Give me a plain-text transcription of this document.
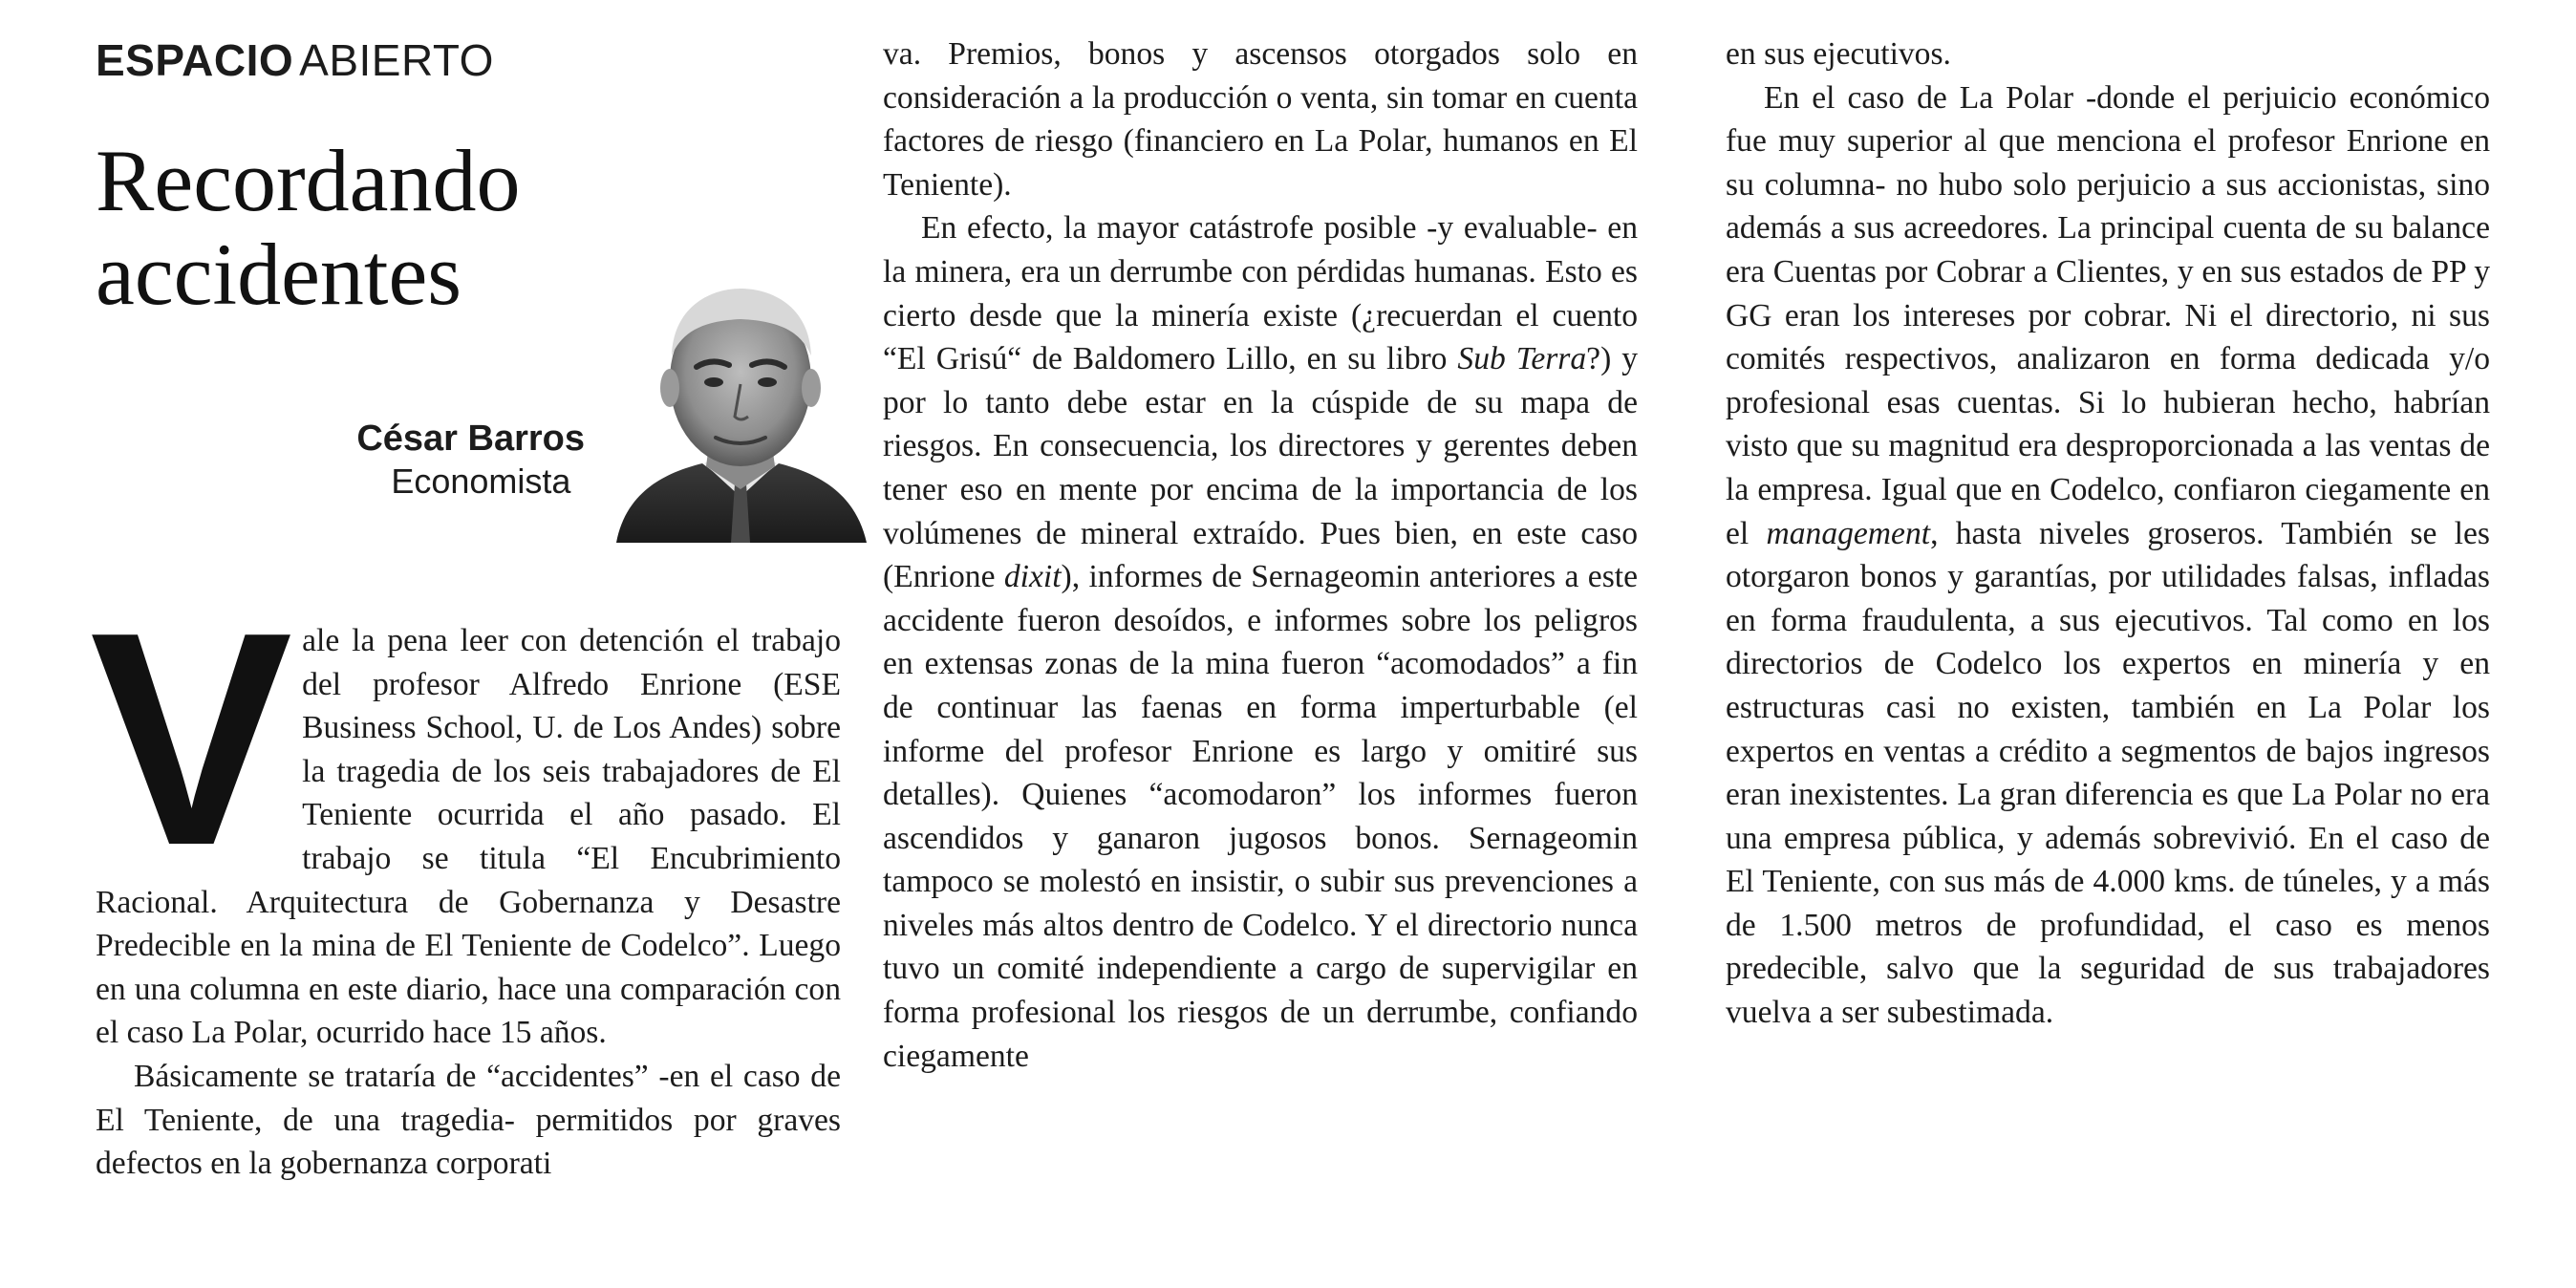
ESPACIO ABIERTO
Recordando
accidentes
César Barros
Economista

Vale la pena leer con detención el trabajo del profesor Alfredo Enrione (ESE Business School, U. de Los Andes) sobre la tragedia de los seis trabajadores de El Teniente ocurrida el año pasado. El trabajo se titula “El Encubrimiento Racional. Arquitectura de Gobernanza y Desastre Predecible en la mina de El Teniente de Codelco”. Luego en una columna en este diario, hace una comparación con el caso La Polar, ocurrido hace 15 años.

Básicamente se trataría de “accidentes” -en el caso de El Teniente, de una tragedia- permitidos por graves defectos en la gobernanza corporati

va. Premios, bonos y ascensos otorgados solo en consideración a la producción o venta, sin tomar en cuenta factores de riesgo (financiero en La Polar, humanos en El Teniente).

En efecto, la mayor catástrofe posible -y evaluable- en la minera, era un derrumbe con pérdidas humanas. Esto es cierto desde que la minería existe (¿recuerdan el cuento “El Grisú“ de Baldomero Lillo, en su libro Sub Terra?) y por lo tanto debe estar en la cúspide de su mapa de riesgos. En consecuencia, los directores y gerentes deben tener eso en mente por encima de la importancia de los volúmenes de mineral extraído. Pues bien, en este caso (Enrione dixit), informes de Sernageomin anteriores a este accidente fueron desoídos, e informes sobre los peligros en extensas zonas de la mina fueron “acomodados” a fin de continuar las faenas en forma imperturbable (el informe del profesor Enrione es largo y omitiré sus detalles). Quienes “acomodaron” los informes fueron ascendidos y ganaron jugosos bonos. Sernageomin tampoco se molestó en insistir, o subir sus prevenciones a niveles más altos dentro de Codelco. Y el directorio nunca tuvo un comité independiente a cargo de supervigilar en forma profesional los riesgos de un derrumbe, confiando ciegamente

en sus ejecutivos.

En el caso de La Polar -donde el perjuicio económico fue muy superior al que menciona el profesor Enrione en su columna- no hubo solo perjuicio a sus accionistas, sino además a sus acreedores. La principal cuenta de su balance era Cuentas por Cobrar a Clientes, y en sus estados de PP y GG eran los intereses por cobrar. Ni el directorio, ni sus comités respectivos, analizaron en forma dedicada y/o profesional esas cuentas. Si lo hubieran hecho, habrían visto que su magnitud era desproporcionada a las ventas de la empresa. Igual que en Codelco, confiaron ciegamente en el management, hasta niveles groseros. También se les otorgaron bonos y garantías, por utilidades falsas, infladas en forma fraudulenta, a sus ejecutivos. Tal como en los directorios de Codelco los expertos en minería y en estructuras casi no existen, también en La Polar los expertos en ventas a crédito a segmentos de bajos ingresos eran inexistentes. La gran diferencia es que La Polar no era una empresa pública, y además sobrevivió. En el caso de El Teniente, con sus más de 4.000 kms. de túneles, y a más de 1.500 metros de profundidad, el caso es menos predecible, salvo que la seguridad de sus trabajadores vuelva a ser subestimada.
